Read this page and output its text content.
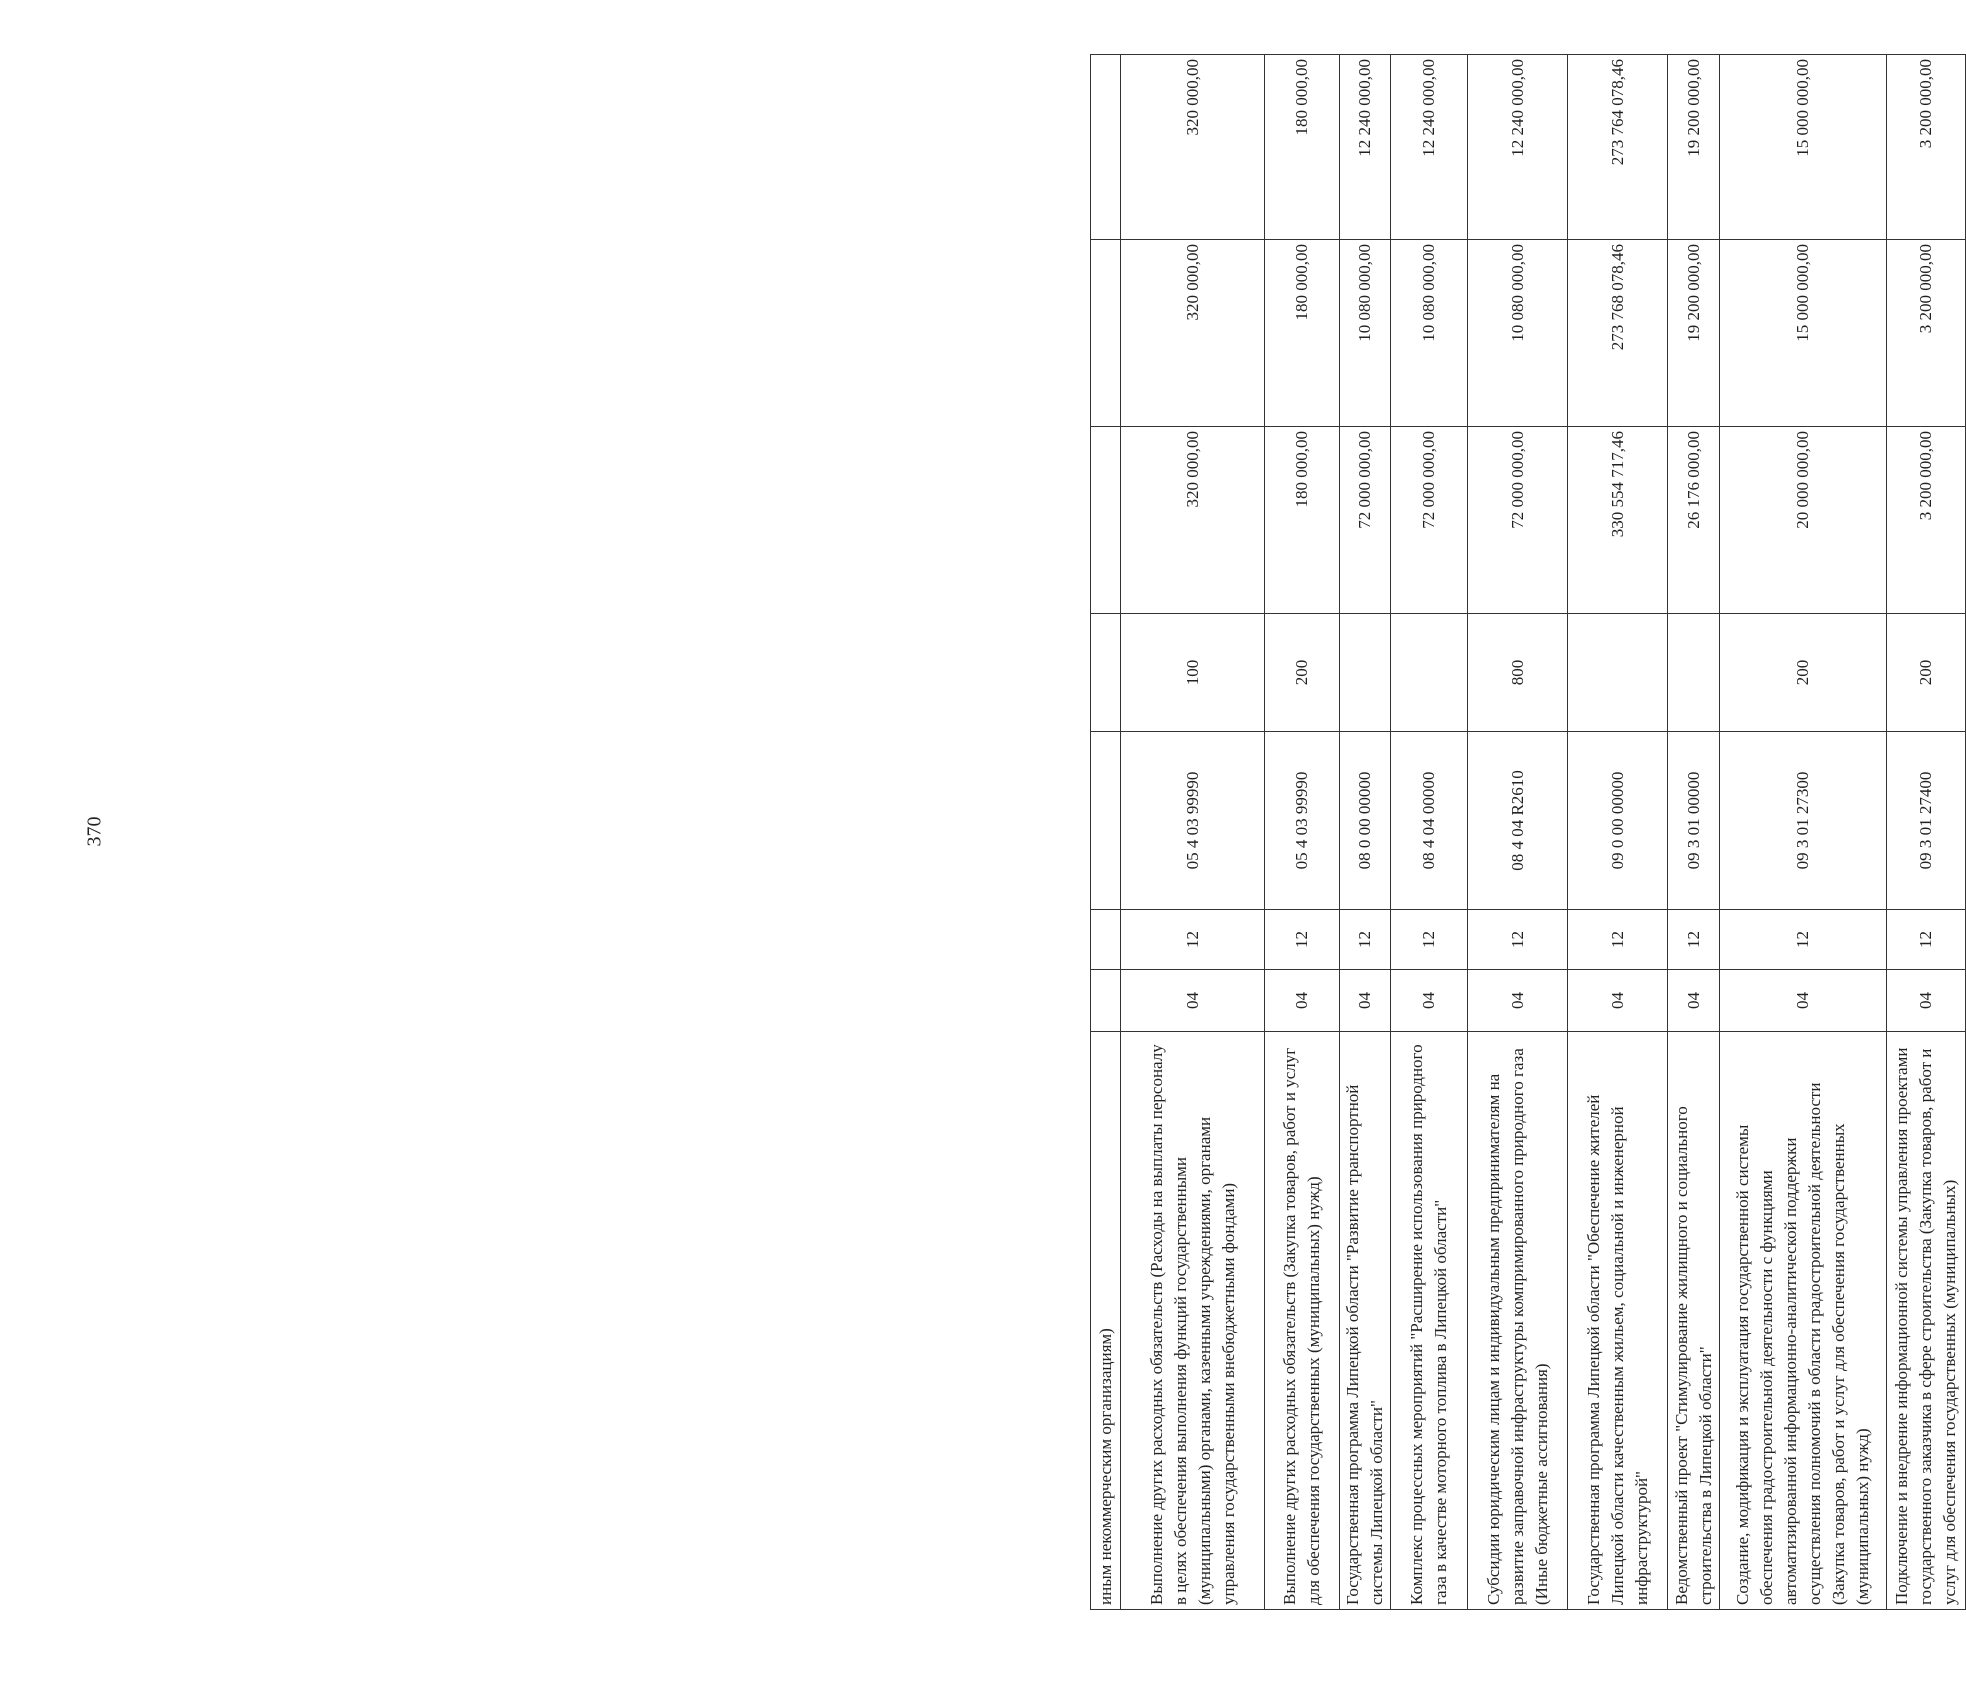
370
иным некоммерческим организациям)							
Выполнение других расходных обязательств (Расходы на выплаты персоналу в целях обеспечения выполнения функций государственными (муниципальными) органами, казенными учреждениями, органами управления государственными внебюджетными фондами)	04	12	05 4 03 99990	100	320 000,00	320 000,00	320 000,00
Выполнение других расходных обязательств (Закупка товаров, работ и услуг для обеспечения государственных (муниципальных) нужд)	04	12	05 4 03 99990	200	180 000,00	180 000,00	180 000,00
Государственная программа Липецкой области "Развитие транспортной системы Липецкой области"	04	12	08 0 00 00000		72 000 000,00	10 080 000,00	12 240 000,00
Комплекс процессных мероприятий "Расширение использования природного газа в качестве моторного топлива в Липецкой области"	04	12	08 4 04 00000		72 000 000,00	10 080 000,00	12 240 000,00
Субсидии юридическим лицам и индивидуальным предпринимателям на развитие заправочной инфраструктуры компримированного природного газа (Иные бюджетные ассигнования)	04	12	08 4 04 R2610	800	72 000 000,00	10 080 000,00	12 240 000,00
Государственная программа Липецкой области "Обеспечение жителей Липецкой области качественным жильем, социальной и инженерной инфраструктурой"	04	12	09 0 00 00000		330 554 717,46	273 768 078,46	273 764 078,46
Ведомственный проект "Стимулирование жилищного и социального строительства в Липецкой области"	04	12	09 3 01 00000		26 176 000,00	19 200 000,00	19 200 000,00
Создание, модификация и эксплуатация государственной системы обеспечения градостроительной деятельности с функциями автоматизированной информационно-аналитической поддержки осуществления полномочий в области градостроительной деятельности (Закупка товаров, работ и услуг для обеспечения государственных (муниципальных) нужд)	04	12	09 3 01 27300	200	20 000 000,00	15 000 000,00	15 000 000,00
Подключение и внедрение информационной системы управления проектами государственного заказчика в сфере строительства (Закупка товаров, работ и услуг для обеспечения государственных (муниципальных)	04	12	09 3 01 27400	200	3 200 000,00	3 200 000,00	3 200 000,00
